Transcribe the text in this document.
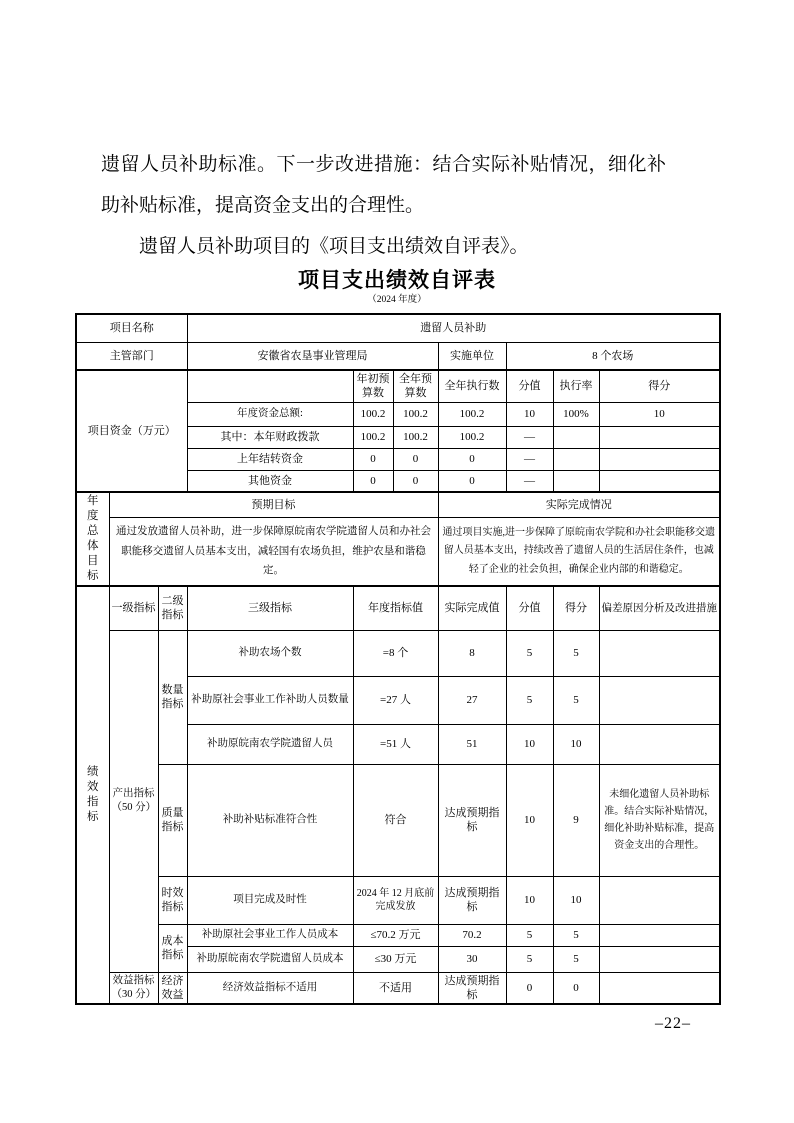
遗留人员补助标准。下一步改进措施：结合实际补贴情况，细化补助补贴标准，提高资金支出的合理性。

遗留人员补助项目的《项目支出绩效自评表》。

项目支出绩效自评表
（2024 年度）
项目名称			遗留人员补助						
主管部门			安徽省农垦事业管理局			实施单位	8 个农场		
项目资金（万元）				年初预算数	全年预算数	全年执行数	分值	执行率	得分
			年度资金总额:	100.2	100.2	100.2	10	100%	10
			其中：本年财政拨款	100.2	100.2	100.2	—		
			上年结转资金	0	0	0	—		
			其他资金	0	0	0	—		

年度总体目标	预期目标					实际完成情况			
	通过发放遗留人员补助，进一步保障原皖南农学院遗留人员和办社会职能移交遗留人员基本支出，减轻国有农场负担，维护农垦和谐稳定。					通过项目实施,进一步保障了原皖南农学院和办社会职能移交遗留人员基本支出，持续改善了遗留人员的生活居住条件，也减轻了企业的社会负担，确保企业内部的和谐稳定。			

绩效指标	一级指标	二级指标	三级指标	年度指标值		实际完成值	分值	得分	偏差原因分析及改进措施
	产出指标（50 分）	数量指标	补助农场个数	=8 个		8	5	5	
			补助原社会事业工作补助人员数量	=27 人		27	5	5	
			补助原皖南农学院遗留人员	=51 人		51	10	10	
		质量指标	补助补贴标准符合性	符合		达成预期指标	10	9	未细化遗留人员补助标准。结合实际补贴情况，细化补助补贴标准，提高资金支出的合理性。
		时效指标	项目完成及时性	2024 年 12 月底前完成发放		达成预期指标	10	10	
		成本指标	补助原社会事业工作人员成本	≤70.2 万元		70.2	5	5	
			补助原皖南农学院遗留人员成本	≤30 万元		30	5	5	
	效益指标（30 分）	经济效益	经济效益指标不适用	不适用		达成预期指标	0	0	
–22–
